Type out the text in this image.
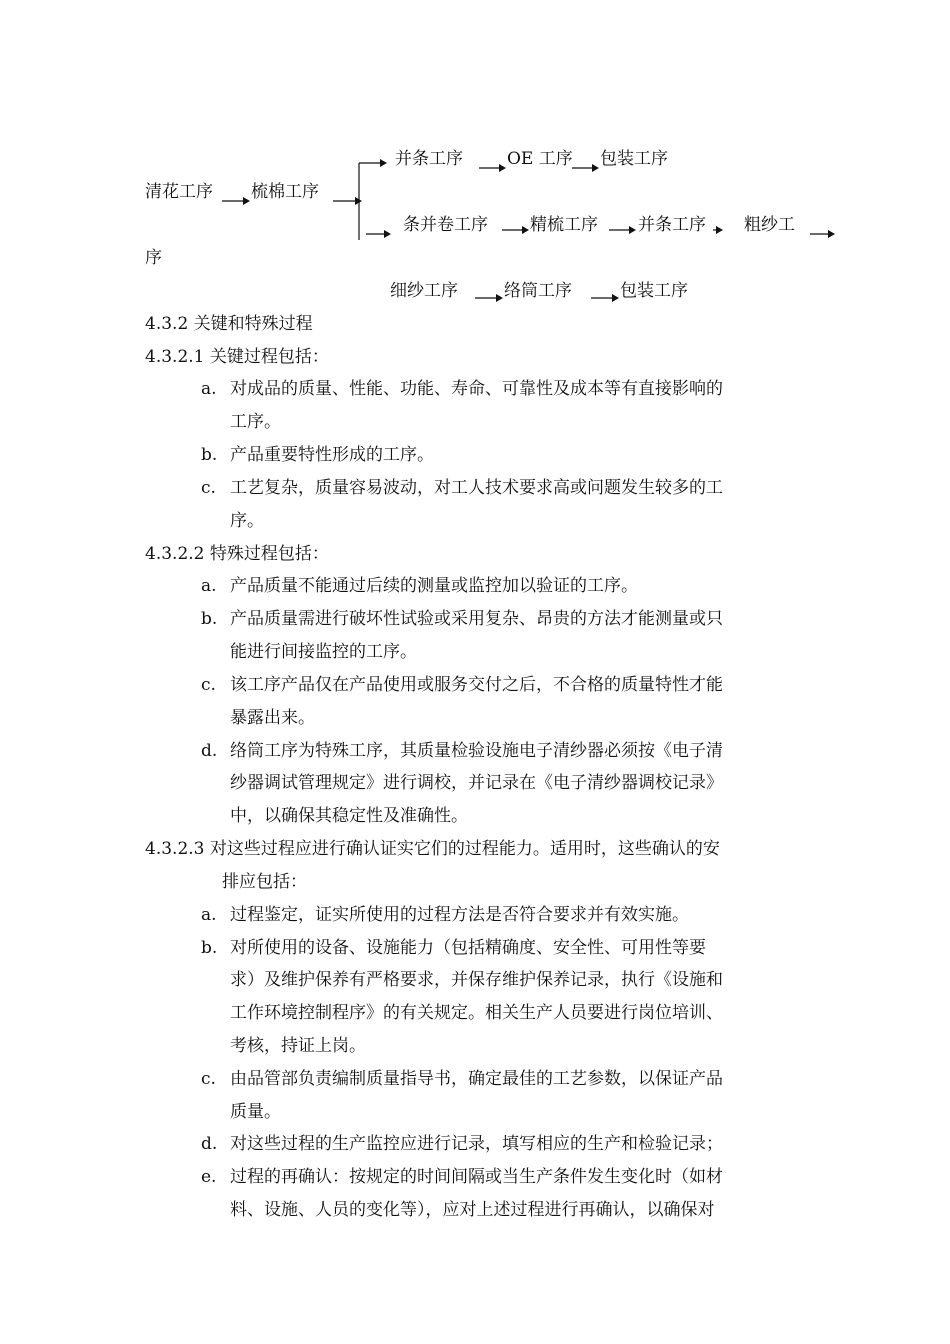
清花工序 梳棉工序
并条工序	OE 工序 包装工序
条并卷工序 精梳工序 并条工序 粗纱工
序
细纱工序	络筒工序	包装工序
4.3.2 关键和特殊过程
4.3.2.1 关键过程包括：
a. 对成品的质量、性能、功能、寿命、可靠性及成本等有直接影响的
工序。
b. 产品重要特性形成的工序。
c. 工艺复杂，质量容易波动，对工人技术要求高或问题发生较多的工
序。
4.3.2.2 特殊过程包括：
a. 产品质量不能通过后续的测量或监控加以验证的工序。
b. 产品质量需进行破坏性试验或采用复杂、昂贵的方法才能测量或只
能进行间接监控的工序。
c. 该工序产品仅在产品使用或服务交付之后，不合格的质量特性才能
暴露出来。
d. 络筒工序为特殊工序，其质量检验设施电子清纱器必须按《电子清
纱器调试管理规定》进行调校，并记录在《电子清纱器调校记录》
中，以确保其稳定性及准确性。
4.3.2.3 对这些过程应进行确认证实它们的过程能力。适用时，这些确认的安
排应包括：
a. 过程鉴定，证实所使用的过程方法是否符合要求并有效实施。
b. 对所使用的设备、设施能力（包括精确度、安全性、可用性等要
求）及维护保养有严格要求，并保存维护保养记录，执行《设施和
工作环境控制程序》的有关规定。相关生产人员要进行岗位培训、
考核，持证上岗。
c. 由品管部负责编制质量指导书，确定最佳的工艺参数，以保证产品
质量。
d. 对这些过程的生产监控应进行记录，填写相应的生产和检验记录；
e. 过程的再确认：按规定的时间间隔或当生产条件发生变化时（如材
料、设施、人员的变化等），应对上述过程进行再确认，以确保对
